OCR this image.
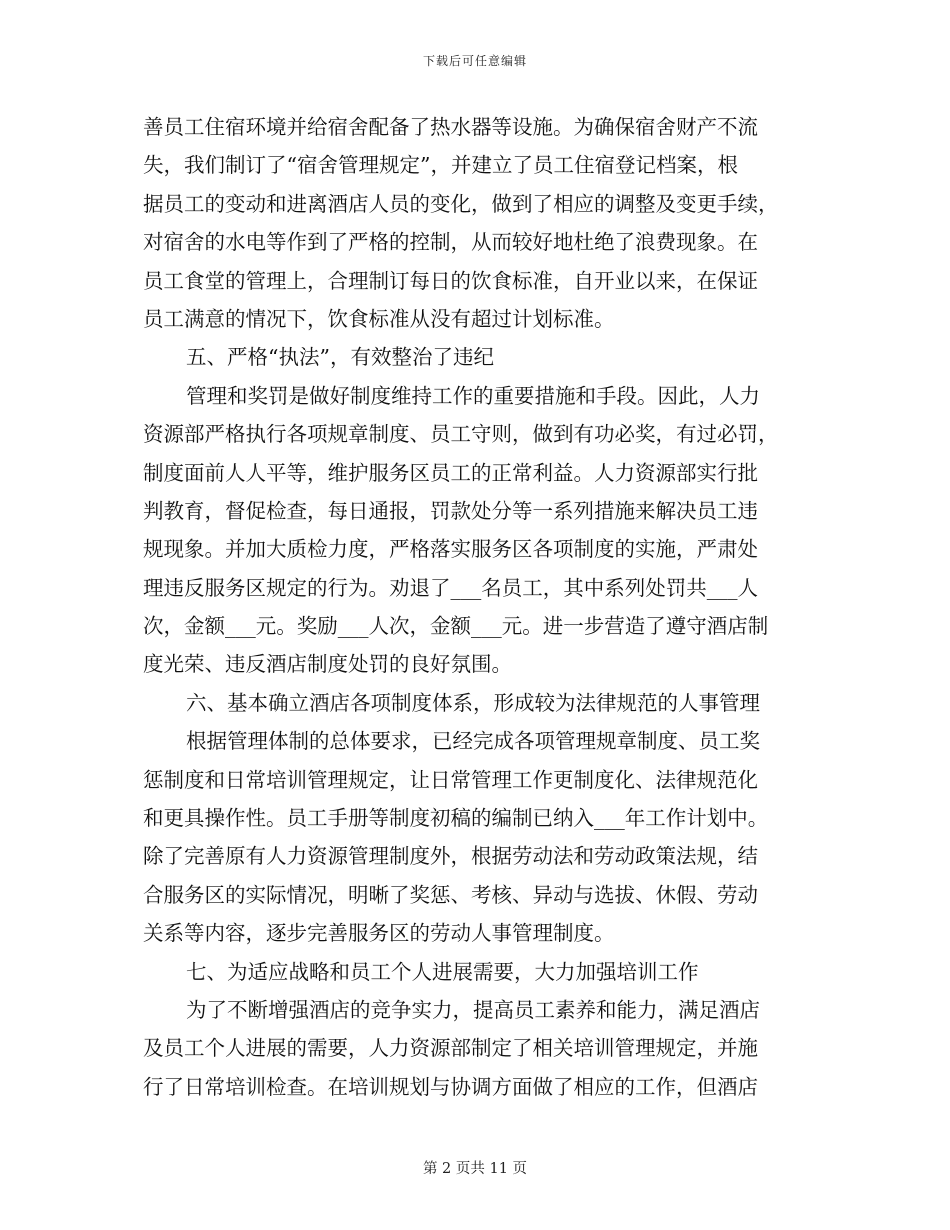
下载后可任意编辑
善员工住宿环境并给宿舍配备了热水器等设施。为确保宿舍财产不流
失，我们制订了“宿舍管理规定”，并建立了员工住宿登记档案，根
据员工的变动和进离酒店人员的变化，做到了相应的调整及变更手续，
对宿舍的水电等作到了严格的控制，从而较好地杜绝了浪费现象。在
员工食堂的管理上，合理制订每日的饮食标准，自开业以来，在保证
员工满意的情况下，饮食标准从没有超过计划标准。
五、严格“执法”，有效整治了违纪
管理和奖罚是做好制度维持工作的重要措施和手段。因此，人力
资源部严格执行各项规章制度、员工守则，做到有功必奖，有过必罚，
制度面前人人平等，维护服务区员工的正常利益。人力资源部实行批
判教育，督促检查，每日通报，罚款处分等一系列措施来解决员工违
规现象。并加大质检力度，严格落实服务区各项制度的实施，严肃处
理违反服务区规定的行为。劝退了___名员工，其中系列处罚共___人
次，金额___元。奖励___人次，金额___元。进一步营造了遵守酒店制
度光荣、违反酒店制度处罚的良好氛围。
六、基本确立酒店各项制度体系，形成较为法律规范的人事管理
根据管理体制的总体要求，已经完成各项管理规章制度、员工奖
惩制度和日常培训管理规定，让日常管理工作更制度化、法律规范化
和更具操作性。员工手册等制度初稿的编制已纳入___年工作计划中。
除了完善原有人力资源管理制度外，根据劳动法和劳动政策法规，结
合服务区的实际情况，明晰了奖惩、考核、异动与选拔、休假、劳动
关系等内容，逐步完善服务区的劳动人事管理制度。
七、为适应战略和员工个人进展需要，大力加强培训工作
为了不断增强酒店的竞争实力，提高员工素养和能力，满足酒店
及员工个人进展的需要，人力资源部制定了相关培训管理规定，并施
行了日常培训检查。在培训规划与协调方面做了相应的工作，但酒店
第 2 页共 11 页
